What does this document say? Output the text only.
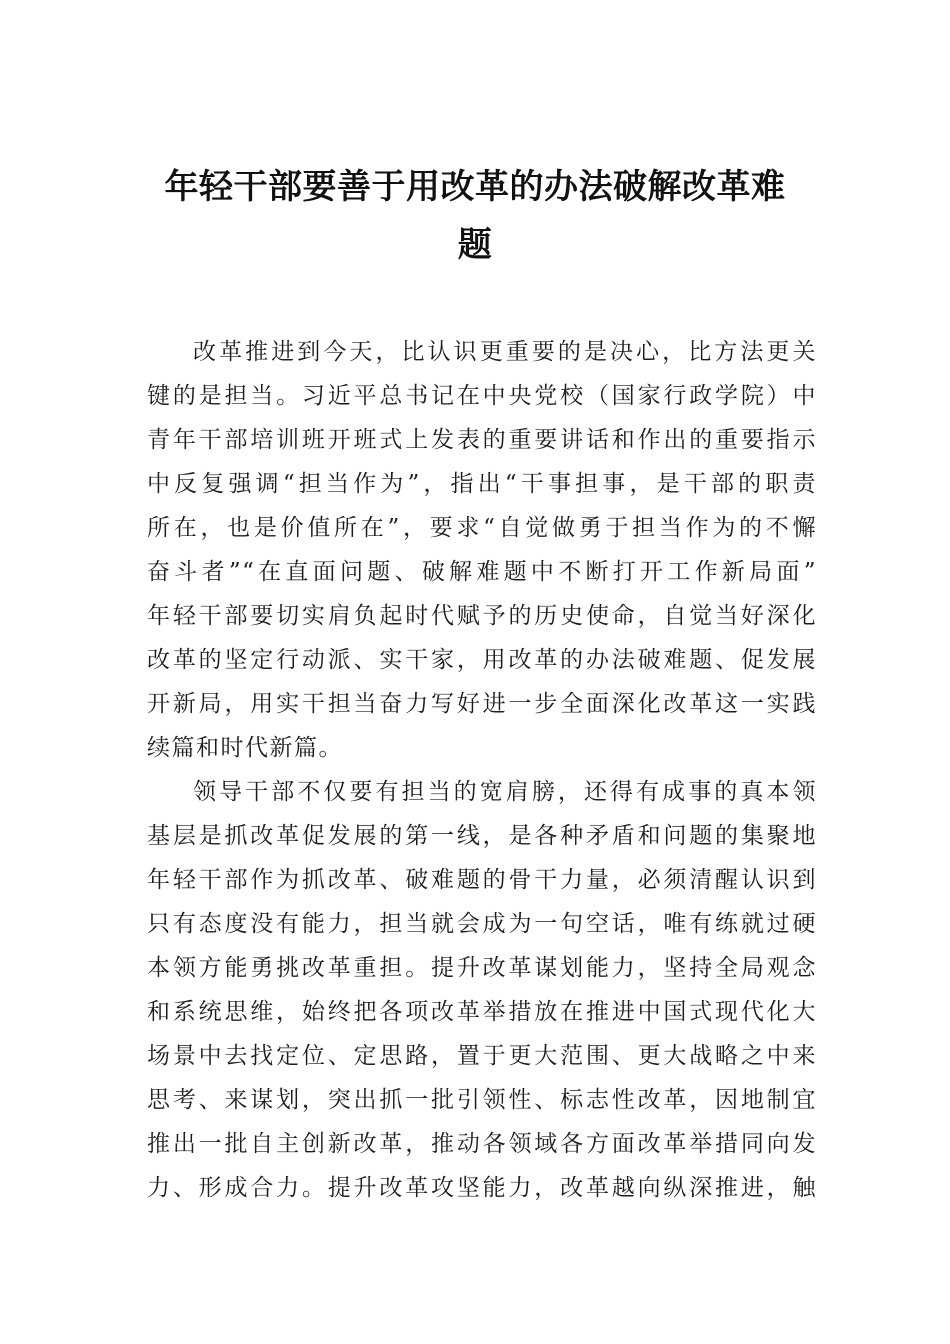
年轻干部要善于用改革的办法破解改革难
题

改革推进到今天，比认识更重要的是决心，比方法更关
键的是担当。习近平总书记在中央党校（国家行政学院）中
青年干部培训班开班式上发表的重要讲话和作出的重要指示
中反复强调“担当作为”，指出“干事担事，是干部的职责
所在，也是价值所在”，要求“自觉做勇于担当作为的不懈
奋斗者”“在直面问题、破解难题中不断打开工作新局面”
年轻干部要切实肩负起时代赋予的历史使命，自觉当好深化
改革的坚定行动派、实干家，用改革的办法破难题、促发展
开新局，用实干担当奋力写好进一步全面深化改革这一实践
续篇和时代新篇。

领导干部不仅要有担当的宽肩膀，还得有成事的真本领
基层是抓改革促发展的第一线，是各种矛盾和问题的集聚地
年轻干部作为抓改革、破难题的骨干力量，必须清醒认识到
只有态度没有能力，担当就会成为一句空话，唯有练就过硬
本领方能勇挑改革重担。提升改革谋划能力，坚持全局观念
和系统思维，始终把各项改革举措放在推进中国式现代化大
场景中去找定位、定思路，置于更大范围、更大战略之中来
思考、来谋划，突出抓一批引领性、标志性改革，因地制宜
推出一批自主创新改革，推动各领域各方面改革举措同向发
力、形成合力。提升改革攻坚能力，改革越向纵深推进，触
